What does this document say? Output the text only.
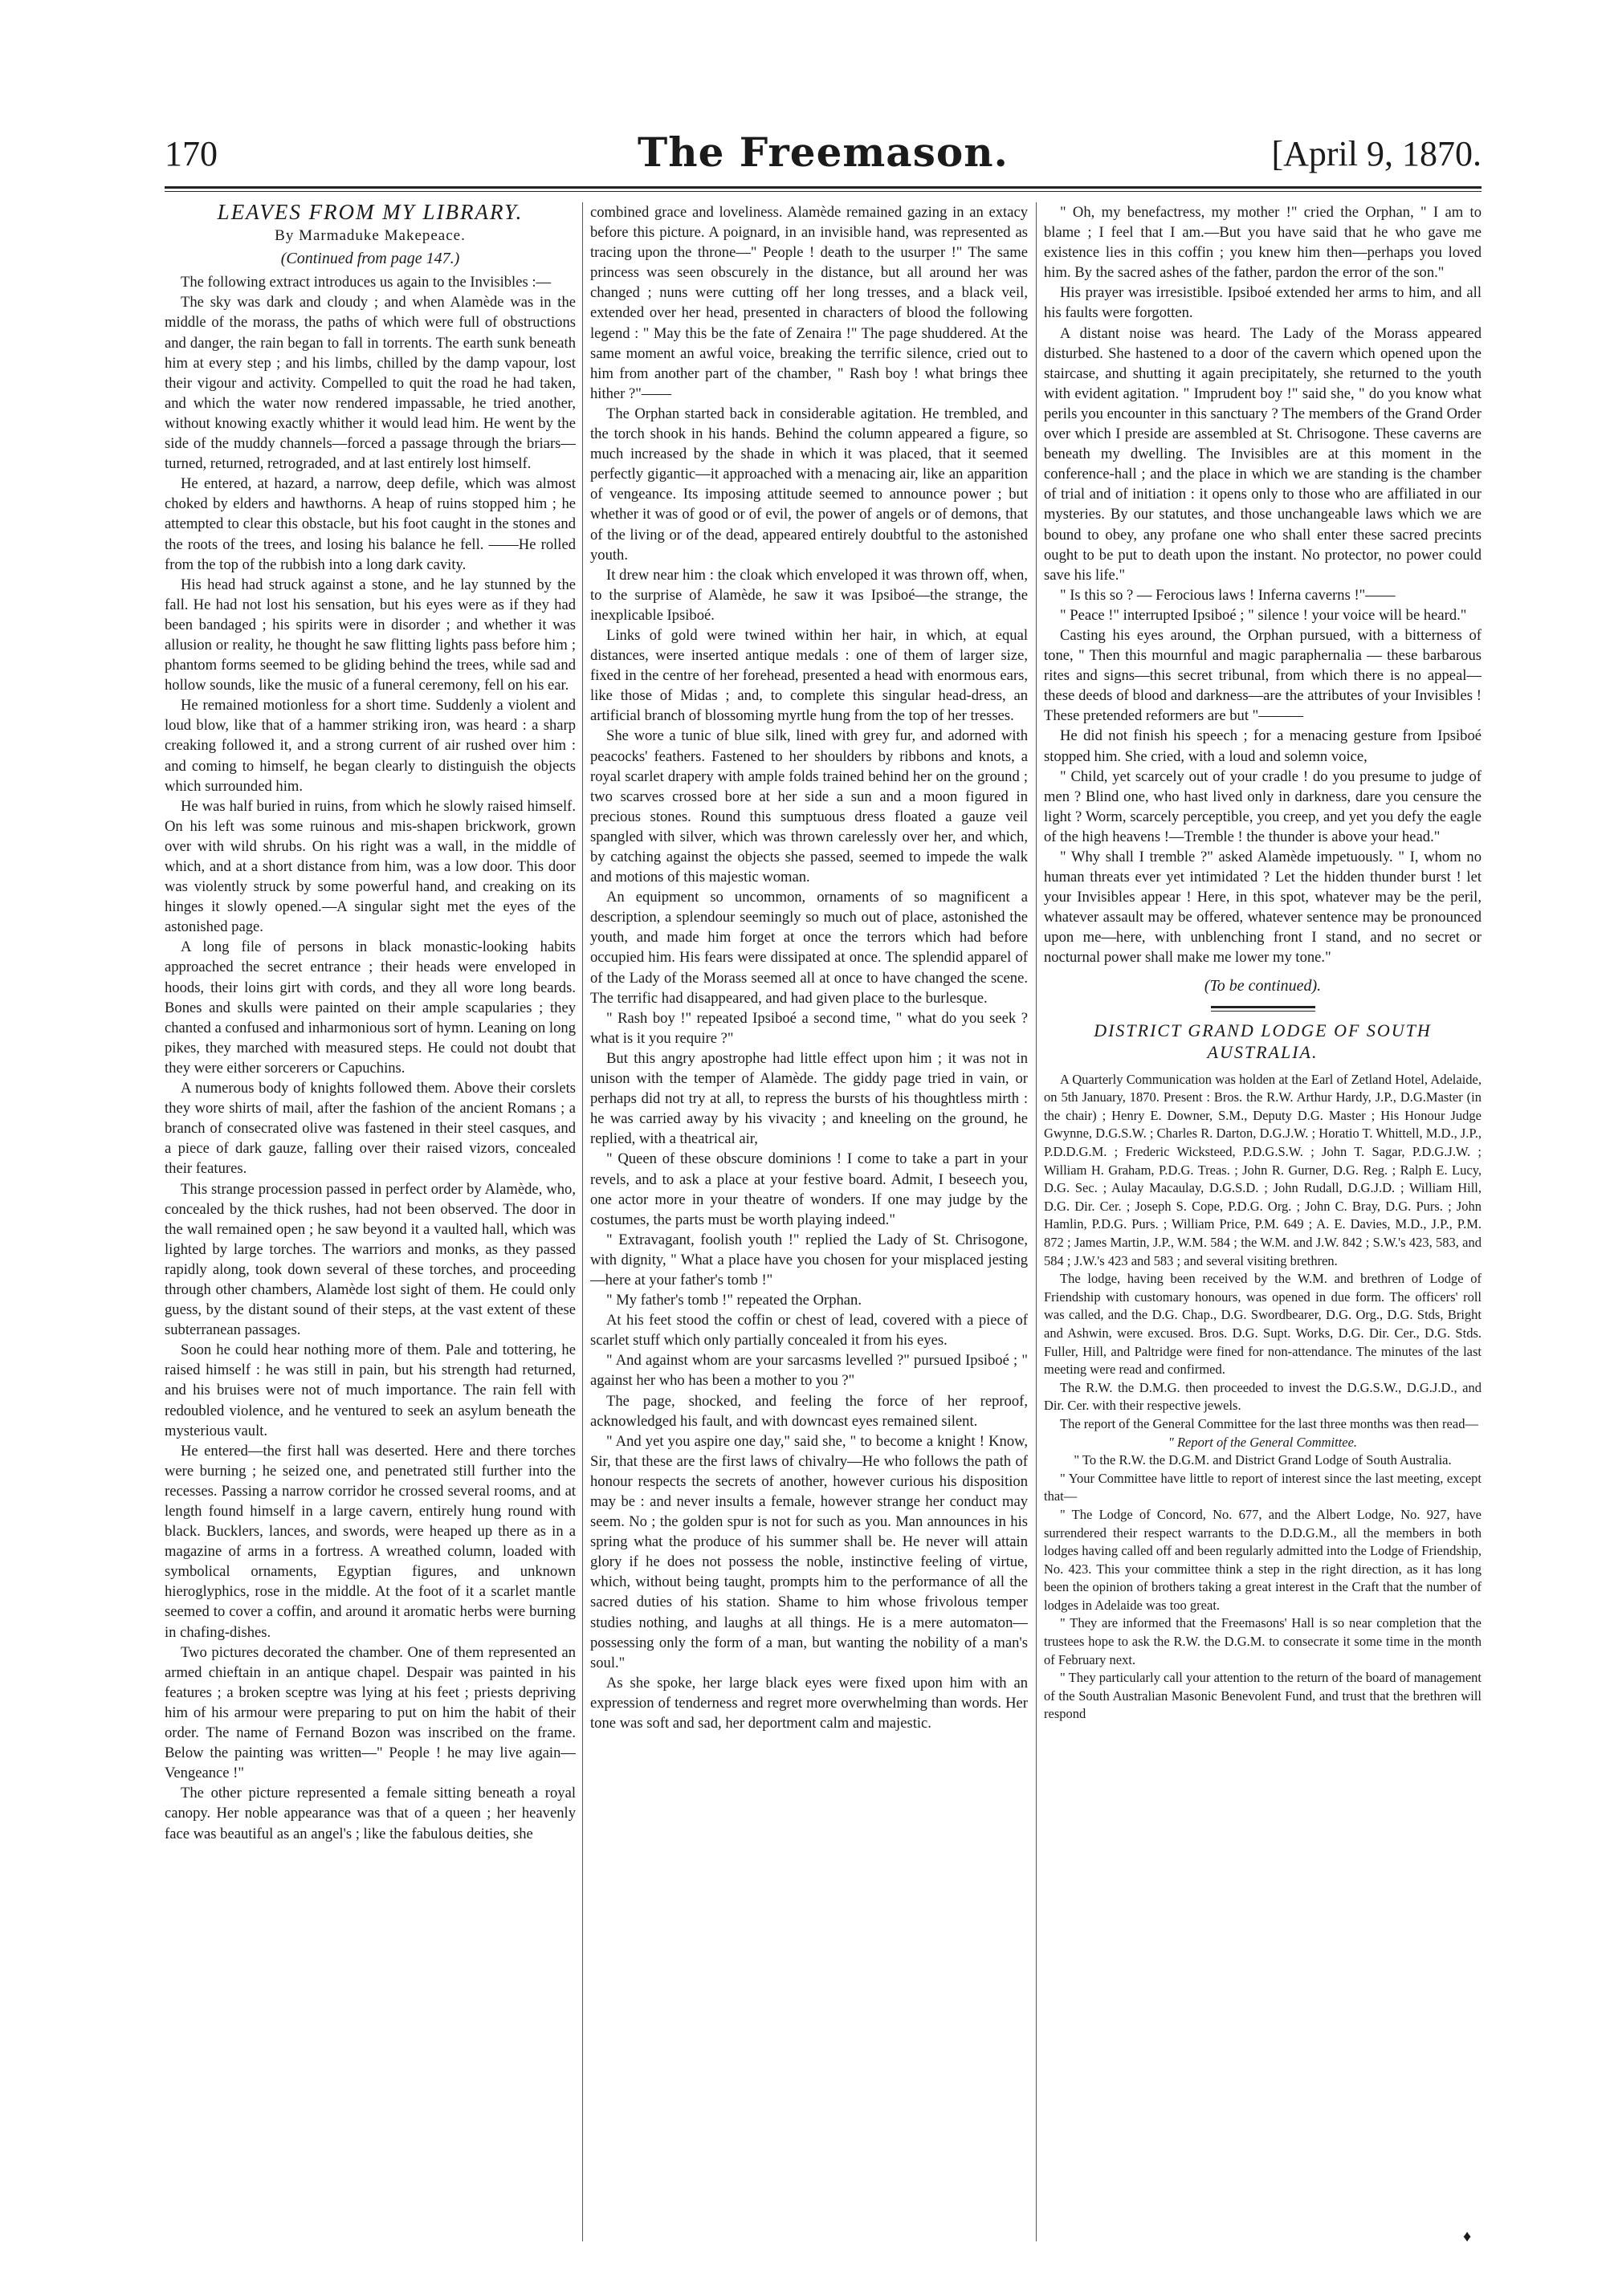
170	The Freemason.	[April 9, 1870.
LEAVES FROM MY LIBRARY.
By Marmaduke Makepeace.
(Continued from page 147.)

The following extract introduces us again to the Invisibles :—

The sky was dark and cloudy ; and when Alamède was in the middle of the morass, the paths of which were full of obstructions and danger, the rain began to fall in torrents. The earth sunk beneath him at every step ; and his limbs, chilled by the damp vapour, lost their vigour and activity. Compelled to quit the road he had taken, and which the water now rendered impassable, he tried another, without knowing exactly whither it would lead him. He went by the side of the muddy channels—forced a passage through the briars—turned, returned, retrograded, and at last entirely lost himself.

He entered, at hazard, a narrow, deep defile, which was almost choked by elders and hawthorns. A heap of ruins stopped him ; he attempted to clear this obstacle, but his foot caught in the stones and the roots of the trees, and losing his balance he fell. ——He rolled from the top of the rubbish into a long dark cavity.

His head had struck against a stone, and he lay stunned by the fall. He had not lost his sensation, but his eyes were as if they had been bandaged ; his spirits were in disorder ; and whether it was allusion or reality, he thought he saw flitting lights pass before him ; phantom forms seemed to be gliding behind the trees, while sad and hollow sounds, like the music of a funeral ceremony, fell on his ear.

He remained motionless for a short time. Suddenly a violent and loud blow, like that of a hammer striking iron, was heard : a sharp creaking followed it, and a strong current of air rushed over him : and coming to himself, he began clearly to distinguish the objects which surrounded him.

He was half buried in ruins, from which he slowly raised himself. On his left was some ruinous and mis-shapen brickwork, grown over with wild shrubs. On his right was a wall, in the middle of which, and at a short distance from him, was a low door. This door was violently struck by some powerful hand, and creaking on its hinges it slowly opened.—A singular sight met the eyes of the astonished page.

A long file of persons in black monastic-looking habits approached the secret entrance ; their heads were enveloped in hoods, their loins girt with cords, and they all wore long beards. Bones and skulls were painted on their ample scapularies ; they chanted a confused and inharmonious sort of hymn. Leaning on long pikes, they marched with measured steps. He could not doubt that they were either sorcerers or Capuchins.

A numerous body of knights followed them. Above their corslets they wore shirts of mail, after the fashion of the ancient Romans ; a branch of consecrated olive was fastened in their steel casques, and a piece of dark gauze, falling over their raised vizors, concealed their features.

This strange procession passed in perfect order by Alamède, who, concealed by the thick rushes, had not been observed. The door in the wall remained open ; he saw beyond it a vaulted hall, which was lighted by large torches. The warriors and monks, as they passed rapidly along, took down several of these torches, and proceeding through other chambers, Alamède lost sight of them. He could only guess, by the distant sound of their steps, at the vast extent of these subterranean passages.

Soon he could hear nothing more of them. Pale and tottering, he raised himself : he was still in pain, but his strength had returned, and his bruises were not of much importance. The rain fell with redoubled violence, and he ventured to seek an asylum beneath the mysterious vault.

He entered—the first hall was deserted. Here and there torches were burning ; he seized one, and penetrated still further into the recesses. Passing a narrow corridor he crossed several rooms, and at length found himself in a large cavern, entirely hung round with black. Bucklers, lances, and swords, were heaped up there as in a magazine of arms in a fortress. A wreathed column, loaded with symbolical ornaments, Egyptian figures, and unknown hieroglyphics, rose in the middle. At the foot of it a scarlet mantle seemed to cover a coffin, and around it aromatic herbs were burning in chafing-dishes.

Two pictures decorated the chamber. One of them represented an armed chieftain in an antique chapel. Despair was painted in his features ; a broken sceptre was lying at his feet ; priests depriving him of his armour were preparing to put on him the habit of their order. The name of Fernand Bozon was inscribed on the frame. Below the painting was written—" People ! he may live again—Vengeance !"

The other picture represented a female sitting beneath a royal canopy. Her noble appearance was that of a queen ; her heavenly face was beautiful as an angel's ; like the fabulous deities, she

combined grace and loveliness. Alamède remained gazing in an extacy before this picture. A poignard, in an invisible hand, was represented as tracing upon the throne—" People ! death to the usurper !" The same princess was seen obscurely in the distance, but all around her was changed ; nuns were cutting off her long tresses, and a black veil, extended over her head, presented in characters of blood the following legend : " May this be the fate of Zenaira !" The page shuddered. At the same moment an awful voice, breaking the terrific silence, cried out to him from another part of the chamber, " Rash boy ! what brings thee hither ?"——

The Orphan started back in considerable agitation. He trembled, and the torch shook in his hands. Behind the column appeared a figure, so much increased by the shade in which it was placed, that it seemed perfectly gigantic—it approached with a menacing air, like an apparition of vengeance. Its imposing attitude seemed to announce power ; but whether it was of good or of evil, the power of angels or of demons, that of the living or of the dead, appeared entirely doubtful to the astonished youth.

It drew near him : the cloak which enveloped it was thrown off, when, to the surprise of Alamède, he saw it was Ipsiboé—the strange, the inexplicable Ipsiboé.

Links of gold were twined within her hair, in which, at equal distances, were inserted antique medals : one of them of larger size, fixed in the centre of her forehead, presented a head with enormous ears, like those of Midas ; and, to complete this singular head-dress, an artificial branch of blossoming myrtle hung from the top of her tresses.

She wore a tunic of blue silk, lined with grey fur, and adorned with peacocks' feathers. Fastened to her shoulders by ribbons and knots, a royal scarlet drapery with ample folds trained behind her on the ground ; two scarves crossed bore at her side a sun and a moon figured in precious stones. Round this sumptuous dress floated a gauze veil spangled with silver, which was thrown carelessly over her, and which, by catching against the objects she passed, seemed to impede the walk and motions of this majestic woman.

An equipment so uncommon, ornaments of so magnificent a description, a splendour seemingly so much out of place, astonished the youth, and made him forget at once the terrors which had before occupied him. His fears were dissipated at once. The splendid apparel of of the Lady of the Morass seemed all at once to have changed the scene. The terrific had disappeared, and had given place to the burlesque.

" Rash boy !" repeated Ipsiboé a second time, " what do you seek ? what is it you require ?"

But this angry apostrophe had little effect upon him ; it was not in unison with the temper of Alamède. The giddy page tried in vain, or perhaps did not try at all, to repress the bursts of his thoughtless mirth : he was carried away by his vivacity ; and kneeling on the ground, he replied, with a theatrical air,

" Queen of these obscure dominions ! I come to take a part in your revels, and to ask a place at your festive board. Admit, I beseech you, one actor more in your theatre of wonders. If one may judge by the costumes, the parts must be worth playing indeed."

" Extravagant, foolish youth !" replied the Lady of St. Chrisogone, with dignity, " What a place have you chosen for your misplaced jesting—here at your father's tomb !"

" My father's tomb !" repeated the Orphan.

At his feet stood the coffin or chest of lead, covered with a piece of scarlet stuff which only partially concealed it from his eyes.

" And against whom are your sarcasms levelled ?" pursued Ipsiboé ; " against her who has been a mother to you ?"

The page, shocked, and feeling the force of her reproof, acknowledged his fault, and with downcast eyes remained silent.

" And yet you aspire one day," said she, " to become a knight ! Know, Sir, that these are the first laws of chivalry—He who follows the path of honour respects the secrets of another, however curious his disposition may be : and never insults a female, however strange her conduct may seem. No ; the golden spur is not for such as you. Man announces in his spring what the produce of his summer shall be. He never will attain glory if he does not possess the noble, instinctive feeling of virtue, which, without being taught, prompts him to the performance of all the sacred duties of his station. Shame to him whose frivolous temper studies nothing, and laughs at all things. He is a mere automaton—possessing only the form of a man, but wanting the nobility of a man's soul."

As she spoke, her large black eyes were fixed upon him with an expression of tenderness and regret more overwhelming than words. Her tone was soft and sad, her deportment calm and majestic.

" Oh, my benefactress, my mother !" cried the Orphan, " I am to blame ; I feel that I am.—But you have said that he who gave me existence lies in this coffin ; you knew him then—perhaps you loved him. By the sacred ashes of the father, pardon the error of the son."

His prayer was irresistible. Ipsiboé extended her arms to him, and all his faults were forgotten.

A distant noise was heard. The Lady of the Morass appeared disturbed. She hastened to a door of the cavern which opened upon the staircase, and shutting it again precipitately, she returned to the youth with evident agitation. " Imprudent boy !" said she, " do you know what perils you encounter in this sanctuary ? The members of the Grand Order over which I preside are assembled at St. Chrisogone. These caverns are beneath my dwelling. The Invisibles are at this moment in the conference-hall ; and the place in which we are standing is the chamber of trial and of initiation : it opens only to those who are affiliated in our mysteries. By our statutes, and those unchangeable laws which we are bound to obey, any profane one who shall enter these sacred precints ought to be put to death upon the instant. No protector, no power could save his life."

" Is this so ? — Ferocious laws ! Inferna caverns !"——

" Peace !" interrupted Ipsiboé ; " silence ! your voice will be heard."

Casting his eyes around, the Orphan pursued, with a bitterness of tone, " Then this mournful and magic paraphernalia — these barbarous rites and signs—this secret tribunal, from which there is no appeal—these deeds of blood and darkness—are the attributes of your Invisibles ! These pretended reformers are but "———

He did not finish his speech ; for a menacing gesture from Ipsiboé stopped him. She cried, with a loud and solemn voice,

" Child, yet scarcely out of your cradle ! do you presume to judge of men ? Blind one, who hast lived only in darkness, dare you censure the light ? Worm, scarcely perceptible, you creep, and yet you defy the eagle of the high heavens !—Tremble ! the thunder is above your head."

" Why shall I tremble ?" asked Alamède impetuously. " I, whom no human threats ever yet intimidated ? Let the hidden thunder burst ! let your Invisibles appear ! Here, in this spot, whatever may be the peril, whatever assault may be offered, whatever sentence may be pronounced upon me—here, with unblenching front I stand, and no secret or nocturnal power shall make me lower my tone."

(To be continued).
DISTRICT GRAND LODGE OF SOUTH AUSTRALIA.

A Quarterly Communication was holden at the Earl of Zetland Hotel, Adelaide, on 5th January, 1870. Present : Bros. the R.W. Arthur Hardy, J.P., D.G.Master (in the chair) ; Henry E. Downer, S.M., Deputy D.G. Master ; His Honour Judge Gwynne, D.G.S.W. ; Charles R. Darton, D.G.J.W. ; Horatio T. Whittell, M.D., J.P., P.D.D.G.M. ; Frederic Wicksteed, P.D.G.S.W. ; John T. Sagar, P.D.G.J.W. ; William H. Graham, P.D.G. Treas. ; John R. Gurner, D.G. Reg. ; Ralph E. Lucy, D.G. Sec. ; Aulay Macaulay, D.G.S.D. ; John Rudall, D.G.J.D. ; William Hill, D.G. Dir. Cer. ; Joseph S. Cope, P.D.G. Org. ; John C. Bray, D.G. Purs. ; John Hamlin, P.D.G. Purs. ; William Price, P.M. 649 ; A. E. Davies, M.D., J.P., P.M. 872 ; James Martin, J.P., W.M. 584 ; the W.M. and J.W. 842 ; S.W.'s 423, 583, and 584 ; J.W.'s 423 and 583 ; and several visiting brethren.

The lodge, having been received by the W.M. and brethren of Lodge of Friendship with customary honours, was opened in due form. The officers' roll was called, and the D.G. Chap., D.G. Swordbearer, D.G. Org., D.G. Stds, Bright and Ashwin, were excused. Bros. D.G. Supt. Works, D.G. Dir. Cer., D.G. Stds. Fuller, Hill, and Paltridge were fined for non-attendance. The minutes of the last meeting were read and confirmed.

The R.W. the D.M.G. then proceeded to invest the D.G.S.W., D.G.J.D., and Dir. Cer. with their respective jewels.

The report of the General Committee for the last three months was then read—

" Report of the General Committee.

" To the R.W. the D.G.M. and District Grand Lodge of South Australia.

" Your Committee have little to report of interest since the last meeting, except that—

" The Lodge of Concord, No. 677, and the Albert Lodge, No. 927, have surrendered their respect warrants to the D.D.G.M., all the members in both lodges having called off and been regularly admitted into the Lodge of Friendship, No. 423. This your committee think a step in the right direction, as it has long been the opinion of brothers taking a great interest in the Craft that the number of lodges in Adelaide was too great.

" They are informed that the Freemasons' Hall is so near completion that the trustees hope to ask the R.W. the D.G.M. to consecrate it some time in the month of February next.

" They particularly call your attention to the return of the board of management of the South Australian Masonic Benevolent Fund, and trust that the brethren will respond

♦
